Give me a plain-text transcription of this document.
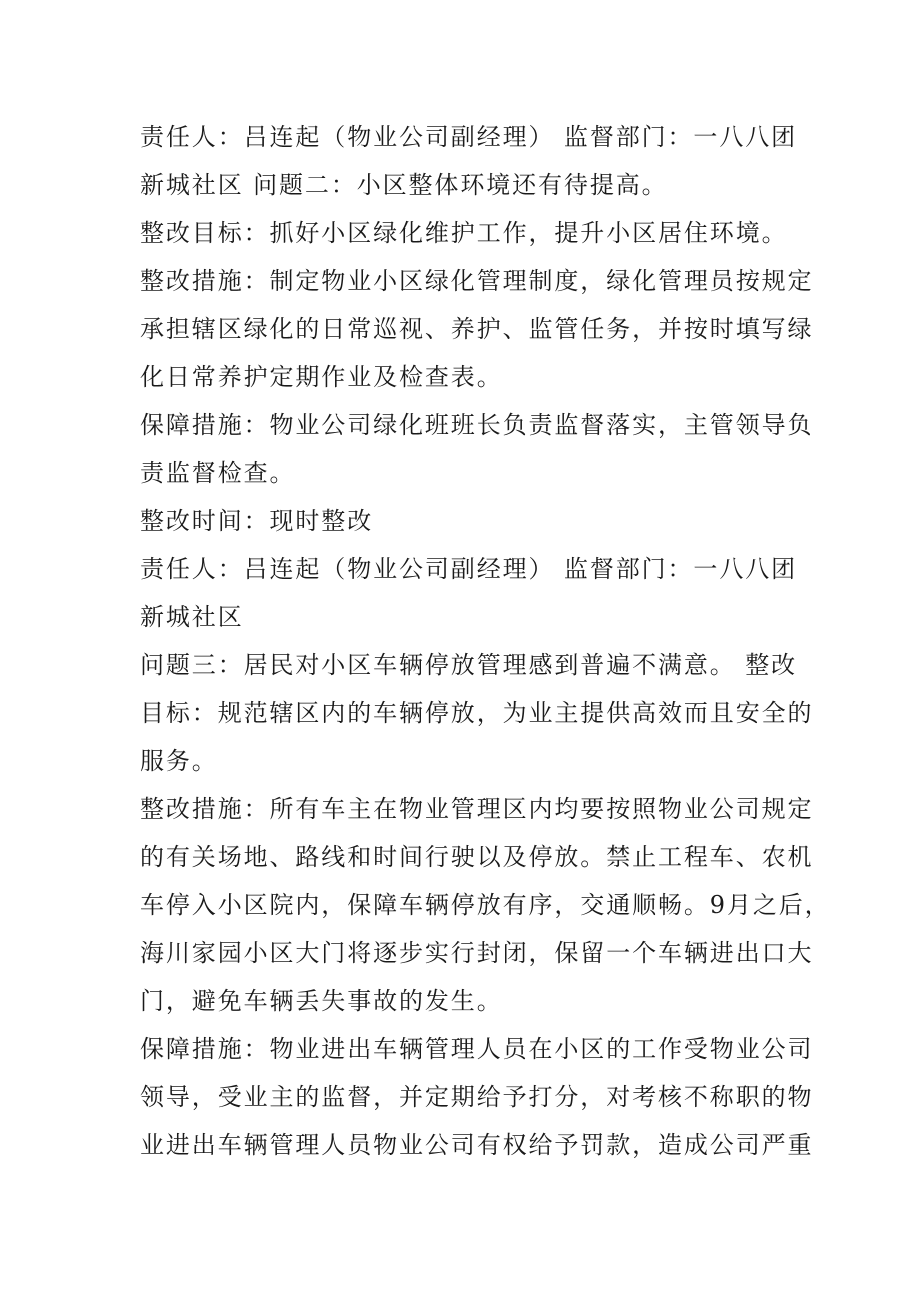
责任人：吕连起（物业公司副经理） 监督部门：一八八团
新城社区 问题二：小区整体环境还有待提高。
整改目标：抓好小区绿化维护工作，提升小区居住环境。
整改措施：制定物业小区绿化管理制度，绿化管理员按规定
承担辖区绿化的日常巡视、养护、监管任务，并按时填写绿
化日常养护定期作业及检查表。
保障措施：物业公司绿化班班长负责监督落实，主管领导负
责监督检查。
整改时间：现时整改
责任人：吕连起（物业公司副经理） 监督部门：一八八团
新城社区
问题三：居民对小区车辆停放管理感到普遍不满意。 整改
目标：规范辖区内的车辆停放，为业主提供高效而且安全的
服务。
整改措施：所有车主在物业管理区内均要按照物业公司规定
的有关场地、路线和时间行驶以及停放。禁止工程车、农机
车停入小区院内，保障车辆停放有序，交通顺畅。9月之后，
海川家园小区大门将逐步实行封闭，保留一个车辆进出口大
门，避免车辆丢失事故的发生。
保障措施：物业进出车辆管理人员在小区的工作受物业公司
领导，受业主的监督，并定期给予打分，对考核不称职的物
业进出车辆管理人员物业公司有权给予罚款，造成公司严重
